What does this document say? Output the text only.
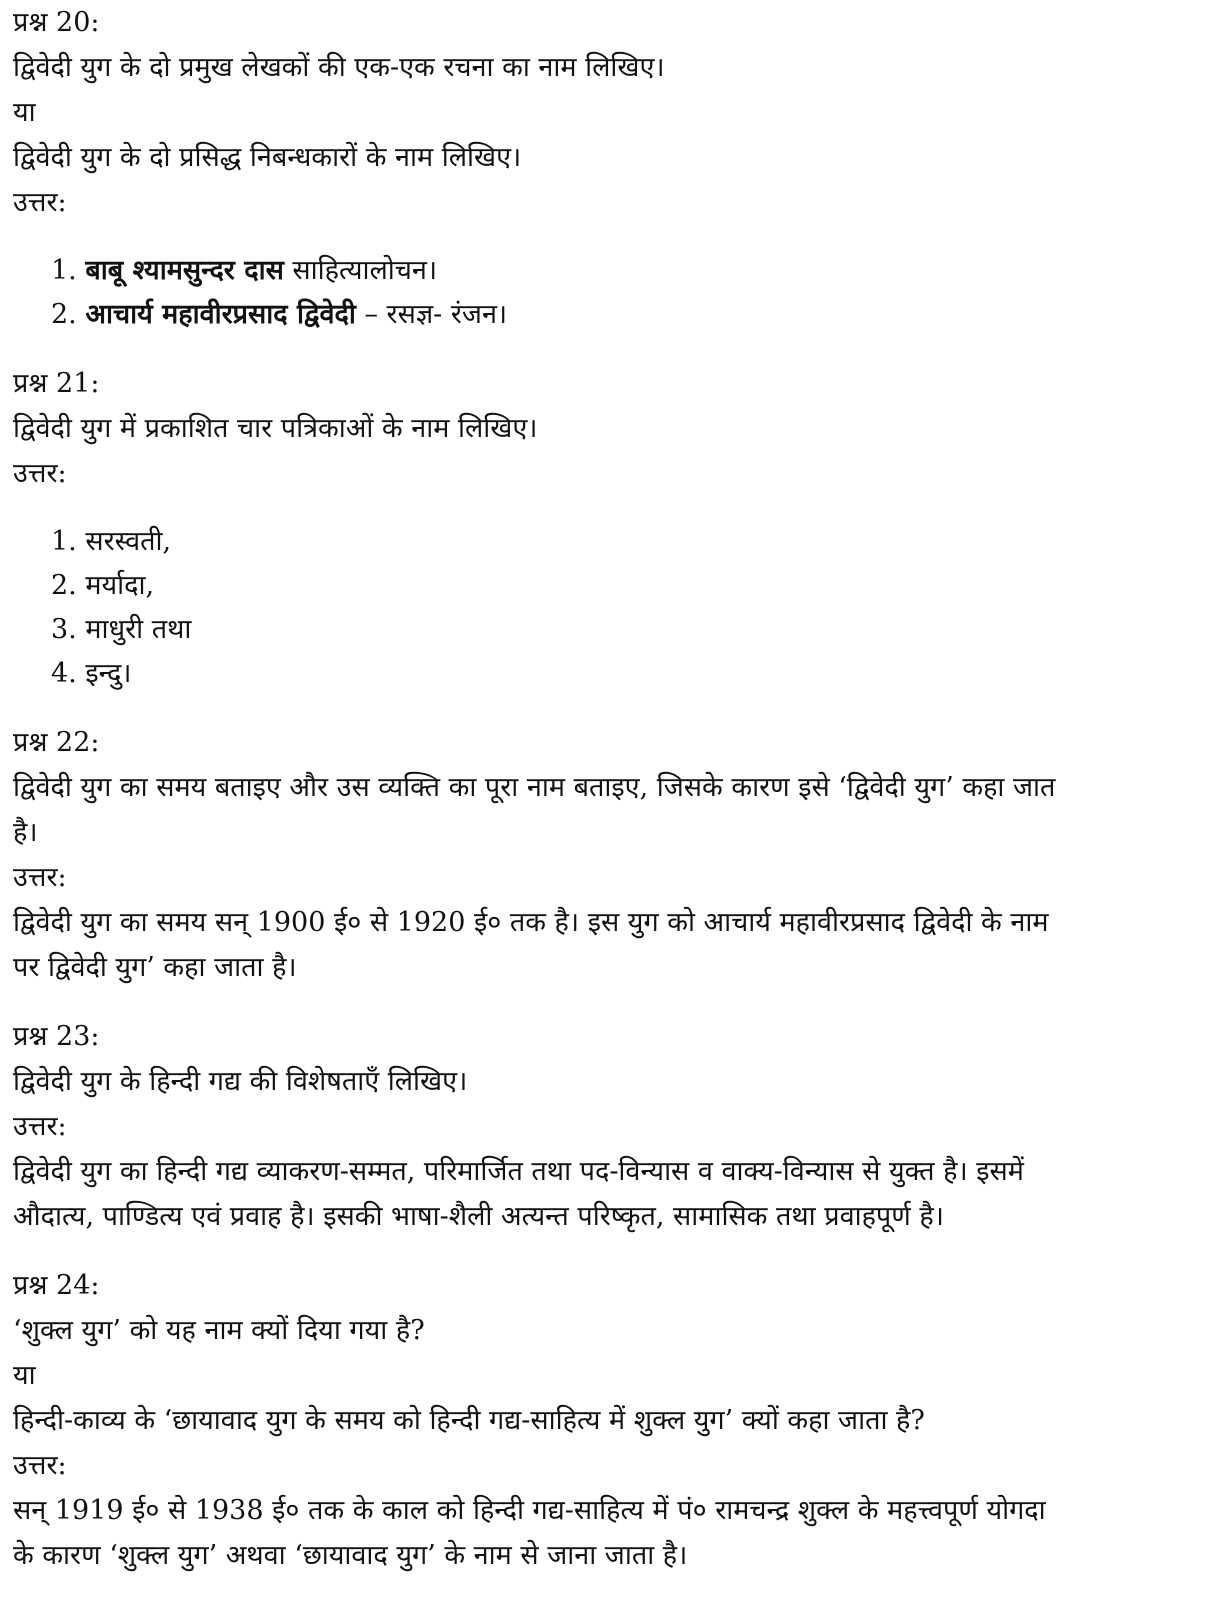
प्रश्न 20:
द्विवेदी युग के दो प्रमुख लेखकों की एक-एक रचना का नाम लिखिए।
या
द्विवेदी युग के दो प्रसिद्ध निबन्धकारों के नाम लिखिए।
उत्तर:
1. बाबू श्यामसुन्दर दास साहित्यालोचन।
2. आचार्य महावीरप्रसाद द्विवेदी – रसज्ञ- रंजन।
प्रश्न 21:
द्विवेदी युग में प्रकाशित चार पत्रिकाओं के नाम लिखिए।
उत्तर:
1. सरस्वती,
2. मर्यादा,
3. माधुरी तथा
4. इन्दु।
प्रश्न 22:
द्विवेदी युग का समय बताइए और उस व्यक्ति का पूरा नाम बताइए, जिसके कारण इसे ‘द्विवेदी युग’ कहा जात
है।
उत्तर:
द्विवेदी युग का समय सन् 1900 ई० से 1920 ई० तक है। इस युग को आचार्य महावीरप्रसाद द्विवेदी के नाम
पर द्विवेदी युग’ कहा जाता है।
प्रश्न 23:
द्विवेदी युग के हिन्दी गद्य की विशेषताएँ लिखिए।
उत्तर:
द्विवेदी युग का हिन्दी गद्य व्याकरण-सम्मत, परिमार्जित तथा पद-विन्यास व वाक्य-विन्यास से युक्त है। इसमें
औदात्य, पाण्डित्य एवं प्रवाह है। इसकी भाषा-शैली अत्यन्त परिष्कृत, सामासिक तथा प्रवाहपूर्ण है।
प्रश्न 24:
‘शुक्ल युग’ को यह नाम क्यों दिया गया है?
या
हिन्दी-काव्य के ‘छायावाद युग के समय को हिन्दी गद्य-साहित्य में शुक्ल युग’ क्यों कहा जाता है?
उत्तर:
सन् 1919 ई० से 1938 ई० तक के काल को हिन्दी गद्य-साहित्य में पं० रामचन्द्र शुक्ल के महत्त्वपूर्ण योगदा
के कारण ‘शुक्ल युग’ अथवा ‘छायावाद युग’ के नाम से जाना जाता है।
